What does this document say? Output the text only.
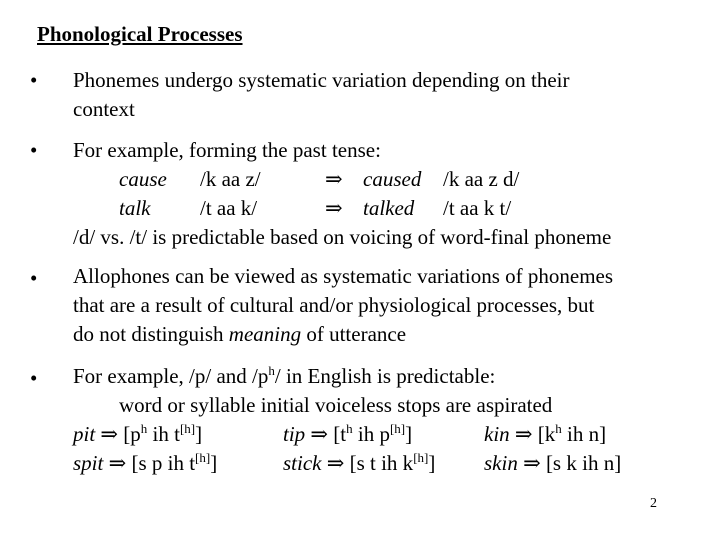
Phonological Processes
• Phonemes undergo systematic variation depending on their
context
• For example, forming the past tense:
cause /k aa z/	⇒ caused /k aa z d/
talk /t aa k/	⇒ talked /t aa k t/
/d/ vs. /t/ is predictable based on voicing of word-final phoneme
• Allophones can be viewed as systematic variations of phonemes
that are a result of cultural and/or physiological processes, but
do not distinguish meaning of utterance
• For example, /p/ and $/p^h/$ in English is predictable:
word or syllable initial voiceless stops are aspirated
pit ⇒ [$p^h$ ih t[h]]	tip ⇒ [$t^h$ ih p[h]]	kin ⇒ [$k^h$ ih n]
spit ⇒ [s p ih t[h]]	stick ⇒ [s t ih k[h]] skin ⇒ [s k ih n]
2
